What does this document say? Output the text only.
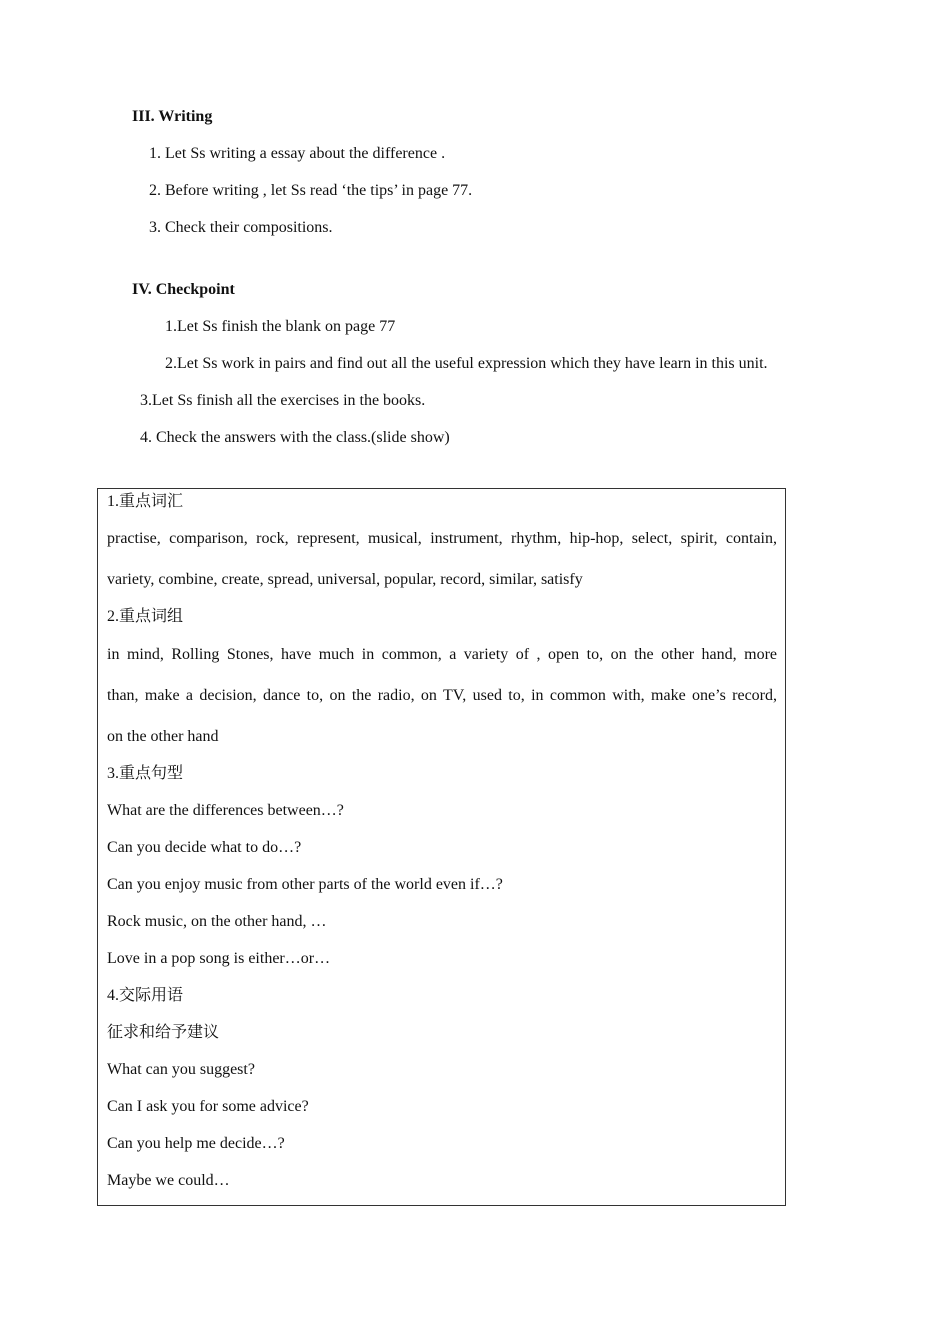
III. Writing
1. Let Ss writing a essay about the difference .
2. Before writing , let Ss read ‘the tips’ in page 77.
3. Check their compositions.
IV. Checkpoint
1.Let Ss finish the blank on page 77
2.Let Ss work in pairs and find out all the useful expression which they have learn in this unit.
3.Let Ss finish all the exercises in the books.
4. Check the answers with the class.(slide show)
1.重点词汇
practise, comparison, rock, represent, musical, instrument, rhythm, hip-hop, select, spirit, contain,
variety, combine, create, spread, universal, popular, record, similar, satisfy
2.重点词组
in mind, Rolling Stones, have much in common, a variety of , open to, on the other hand, more
than, make a decision, dance to, on the radio, on TV, used to, in common with, make one’s record,
on the other hand
3.重点句型
What are the differences between…?
Can you decide what to do…?
Can you enjoy music from other parts of the world even if…?
Rock music, on the other hand, …
Love in a pop song is either…or…
4.交际用语
征求和给予建议
What can you suggest?
Can I ask you for some advice?
Can you help me decide…?
Maybe we could…
